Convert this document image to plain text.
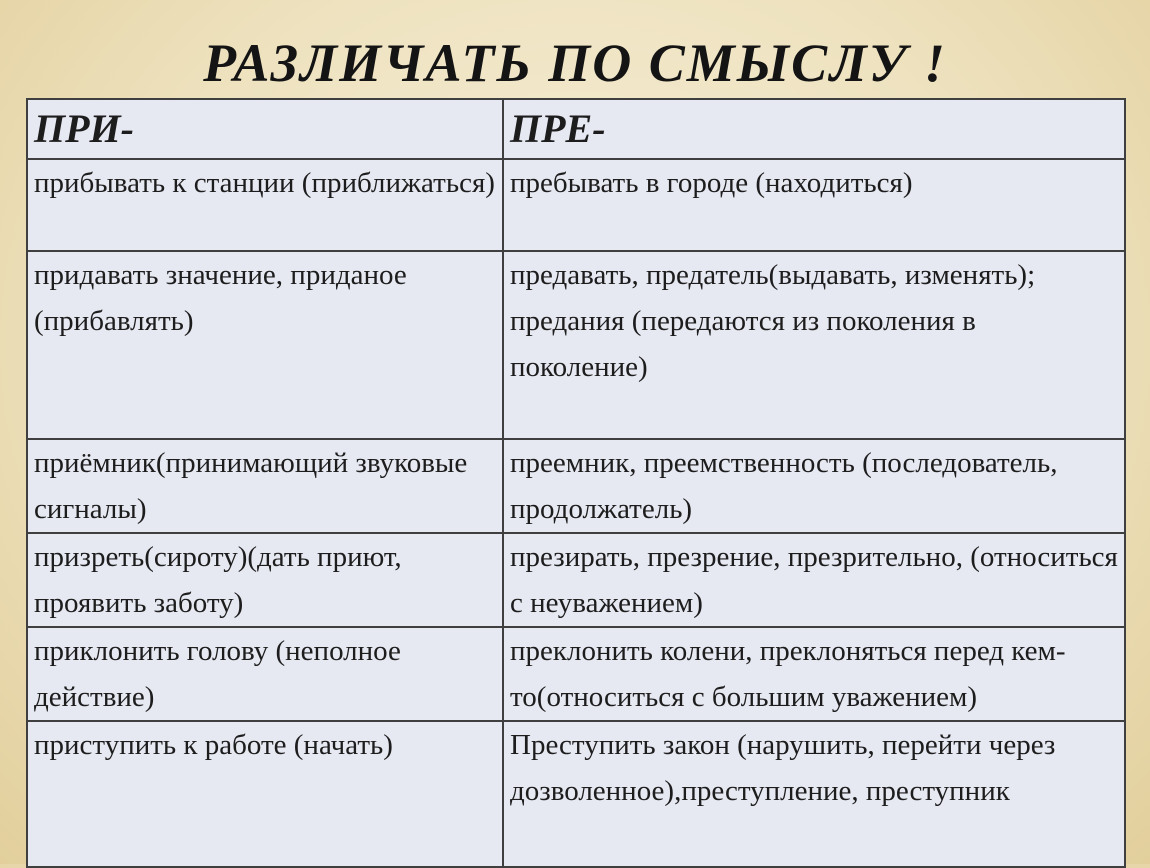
РАЗЛИЧАТЬ ПО СМЫСЛУ !
ПРИ-	ПРЕ-
прибывать к станции (приближаться)	пребывать в городе (находиться)
придавать значение, приданое (прибавлять)	предавать, предатель(выдавать, изменять); предания (передаются из поколения в поколение)
приёмник(принимающий звуковые сигналы)	преемник, преемственность (последователь, продолжатель)
призреть(сироту)(дать приют, проявить заботу)	презирать, презрение, презрительно, (относиться с неуважением)
приклонить голову (неполное действие)	преклонить колени, преклоняться перед кем-то(относиться с большим уважением)
приступить к работе (начать)	Преступить закон (нарушить, перейти через дозволенное),преступление, преступник
